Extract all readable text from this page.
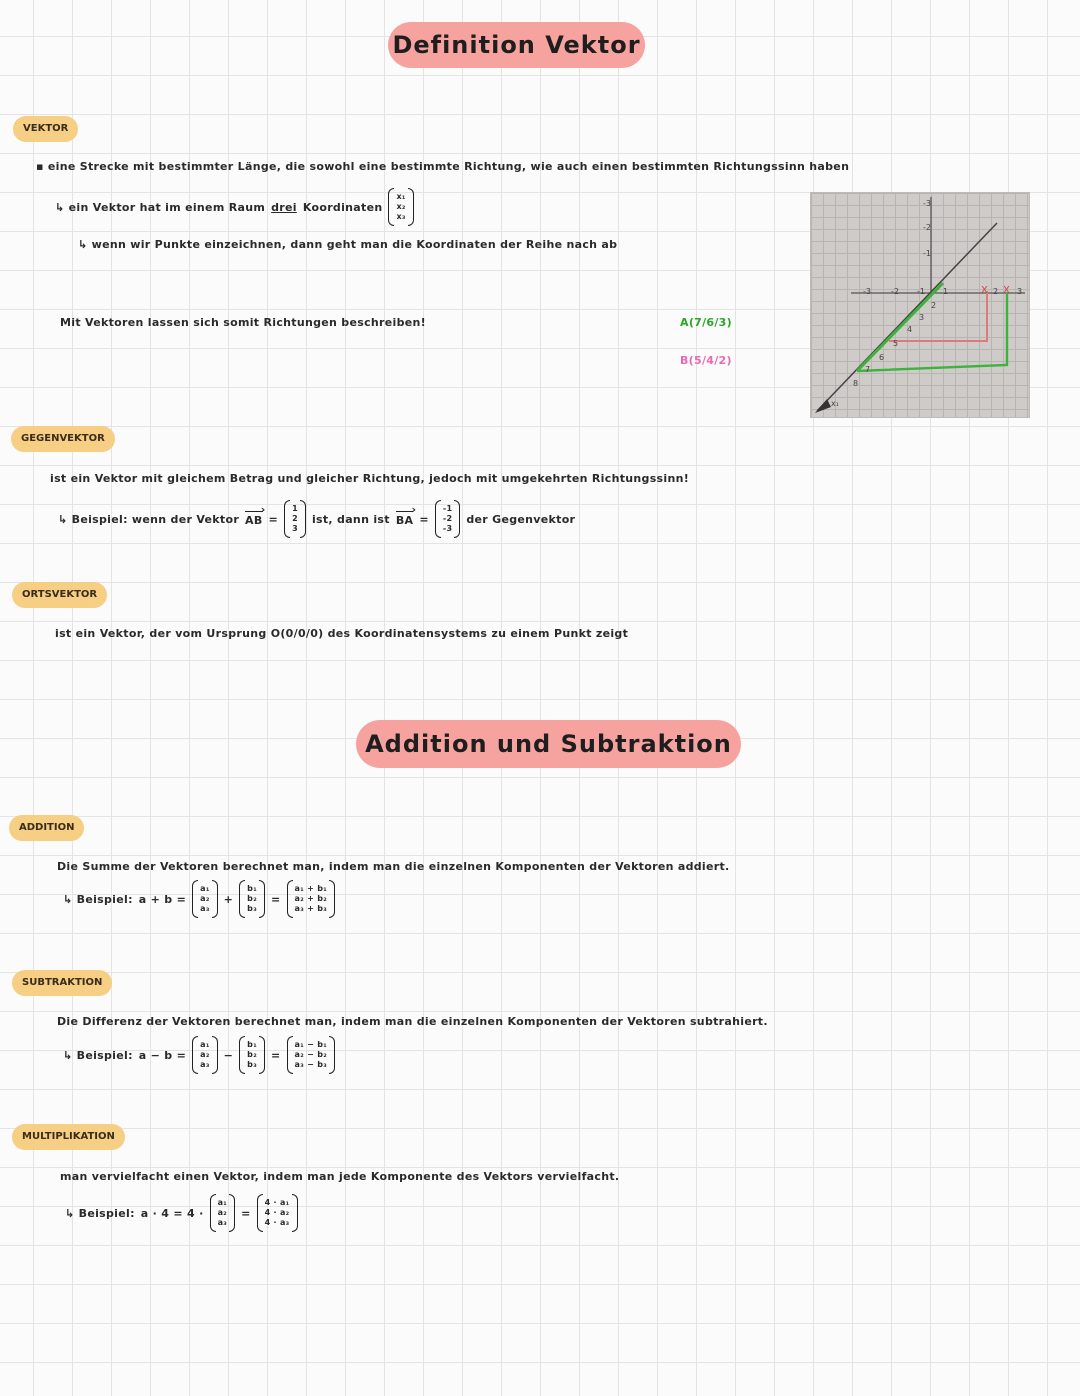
Definition Vektor
VEKTOR
▪ eine Strecke mit bestimmter Länge, die sowohl eine bestimmte Richtung, wie auch einen bestimmten Richtungssinn haben
↳ ein Vektor hat im einem Raum drei Koordinaten
x₁
x₂
x₃
↳ wenn wir Punkte einzeichnen, dann geht man die Koordinaten der Reihe nach ab
Mit Vektoren lassen sich somit Richtungen beschreiben!	A(7/6/3)
B(5/4/2)
x₁
-3	-2 -1 1	2 3
-1
-2
-3
2
3
4
5
6
7
8
X X
GEGENVEKTOR
ist ein Vektor mit gleichem Betrag und gleicher Richtung, jedoch mit umgekehrten Richtungssinn!
↳ Beispiel: wenn der Vektor AB › =
1
2
3
ist, dann ist BA › =
-1
-2
-3
der Gegenvektor
ORTSVEKTOR
ist ein Vektor, der vom Ursprung O(0/0/0) des Koordinatensystems zu einem Punkt zeigt
Addition und Subtraktion
ADDITION
Die Summe der Vektoren berechnet man, indem man die einzelnen Komponenten der Vektoren addiert.
↳ Beispiel: a + b =
a₁
a₂
a₃
+
b₁
b₂
b₃
=
a₁ + b₁
a₂ + b₂
a₃ + b₃
SUBTRAKTION
Die Differenz der Vektoren berechnet man, indem man die einzelnen Komponenten der Vektoren subtrahiert.
↳ Beispiel: a − b =
a₁
a₂
a₃
−
b₁
b₂
b₃
=
a₁ − b₁
a₂ − b₂
a₃ − b₃
MULTIPLIKATION
man vervielfacht einen Vektor, indem man jede Komponente des Vektors vervielfacht.
↳ Beispiel: a · 4 = 4 ·
a₁
a₂
a₃
=
4 · a₁
4 · a₂
4 · a₃
